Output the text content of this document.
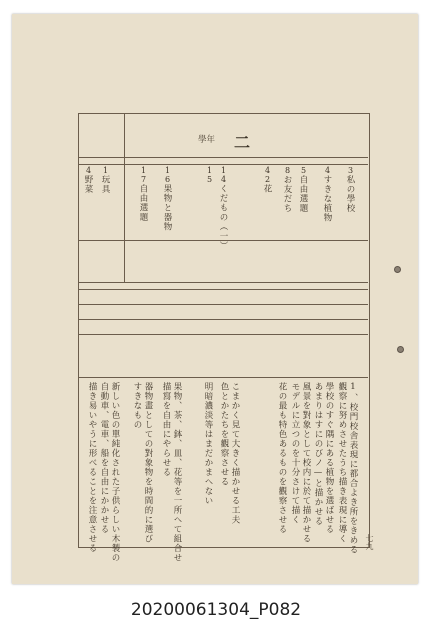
二
學年
3私の學校
4すきな植物
5自由選題
8お友だち
42花
14くだもの（一）
15
16果物と器物
17自由選題
1玩具
4野菜
1、校門校舎表現に都合よき所をきめる
觀察に努めさせたうち描き表現に導く
學校のすぐ隅にある植物を選ばせる
あまりはすにのびノ—と描かせる
風景を對象として校内に於て描かせる
モデルに立つのを十分さけて描く
花の最も特色あるものを觀察させる
こまかく見て大きく描かせる工夫
色とかたちを觀察させる
明暗濃淡等はまだかまへない
果物、茶、鉢、皿、花等を一所へて組合せ
描寫を自由にやらせる
器物畫としての對象物を時間的に選び
すきなもの
新しい色の單純化された子供らしい木製の
自動車、電車、船を自由にかかせる
描き易いやうに形べることを注意させる	七九
20200061304_P082
